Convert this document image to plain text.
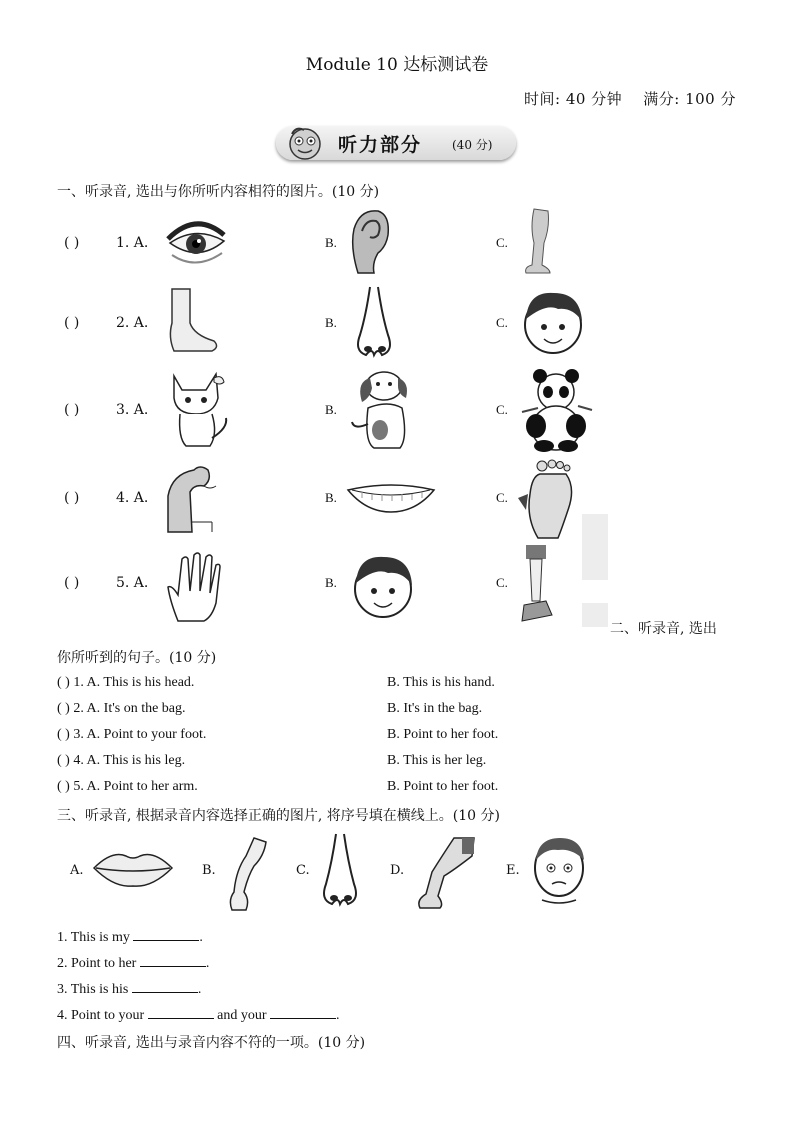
Module 10 达标测试卷
时间: 40 分钟 满分: 100 分
听力部分 (40 分)
一、听录音, 选出与你所听内容相符的图片。(10 分)
( )	1. A.	B.	C.
( )	2. A.	B.	C.
( )	3. A.	B.	C.
( )	4. A.	B.	C.
( )	5. A.	B.	C.
二、听录音, 选出
你所听到的句子。(10 分)
( ) 1. A. This is his head.	B. This is his hand.
( ) 2. A. It's on the bag.	B. It's in the bag.
( ) 3. A. Point to your foot.	B. Point to her foot.
( ) 4. A. This is his leg.	B. This is her leg.
( ) 5. A. Point to her arm.	B. Point to her foot.
三、听录音, 根据录音内容选择正确的图片, 将序号填在横线上。(10 分)
A.	B.	C.	D.	E.
1. This is my	.
2. Point to her	.
3. This is his	.
4. Point to your	and your	.
四、听录音, 选出与录音内容不符的一项。(10 分)
